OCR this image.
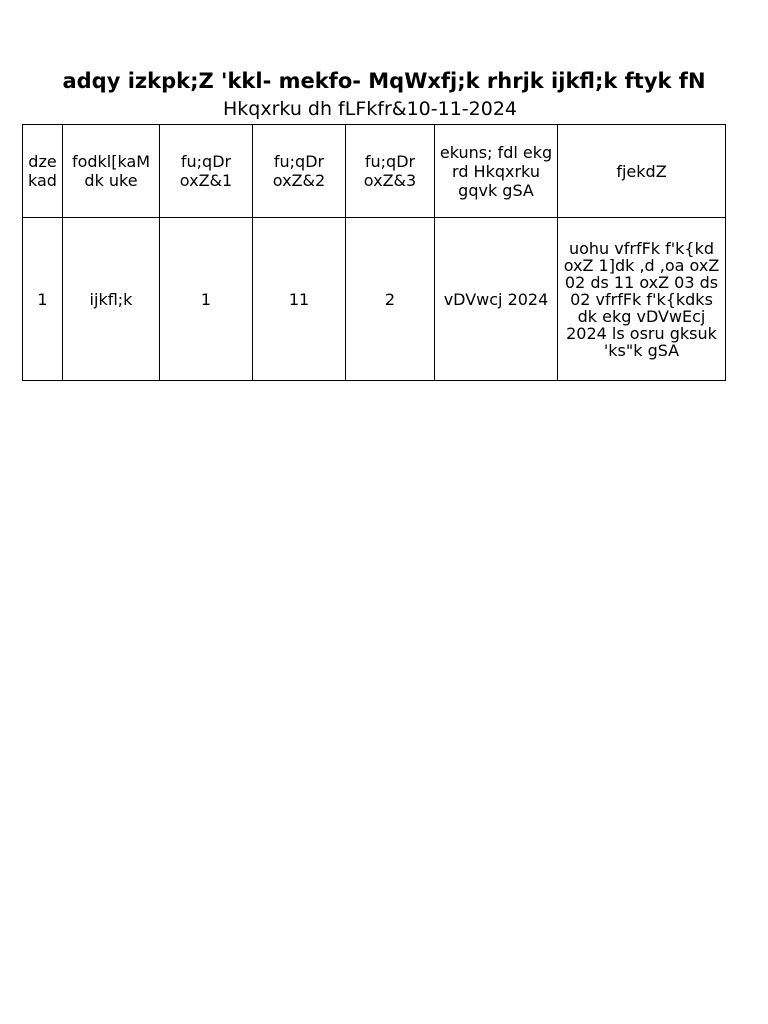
adqy izkpk;Z 'kkl- mekfo- MqWxfj;k rhrjk ijkfl;k ftyk fN
Hkqxrku dh fLFkfr&10-11-2024
dze kad	fodkl[kaM dk uke	fu;qDr oxZ&1	fu;qDr oxZ&2	fu;qDr oxZ&3	ekuns; fdl ekg rd Hkqxrku gqvk gSA	fjekdZ
1	ijkfl;k	1	11	2	vDVwcj 2024	uohu vfrfFk f'k{kd oxZ 1]dk ,d ,oa oxZ 02 ds 11 oxZ 03 ds 02 vfrfFk f'k{kdks dk ekg vDVwEcj 2024 ls osru gksuk 'ks"k gSA
